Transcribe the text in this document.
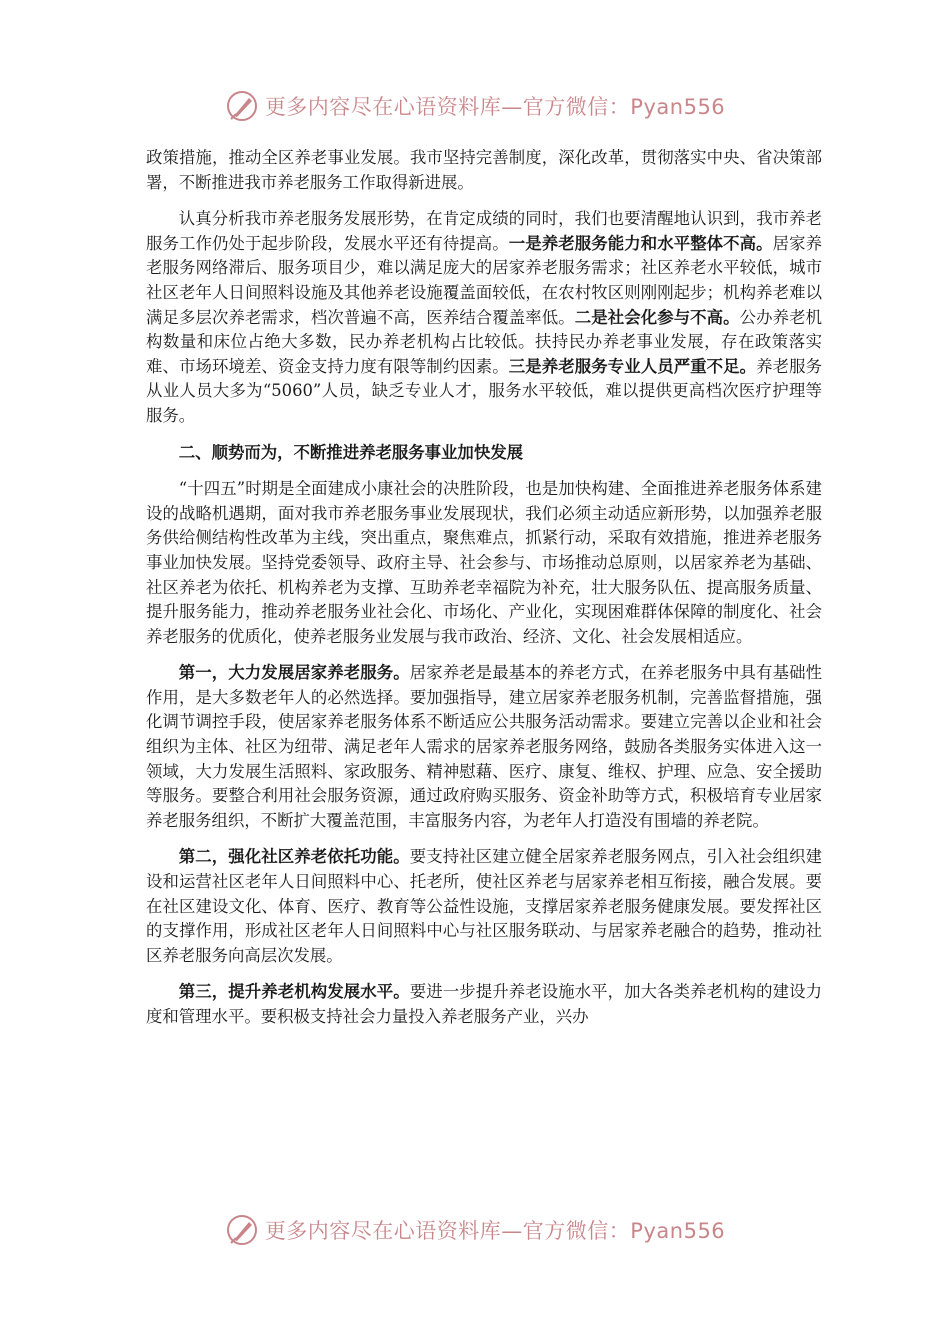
更多内容尽在心语资料库—官方微信：Pyan556

政策措施，推动全区养老事业发展。我市坚持完善制度，深化改革，贯彻落实中央、省决策部署，不断推进我市养老服务工作取得新进展。

认真分析我市养老服务发展形势，在肯定成绩的同时，我们也要清醒地认识到，我市养老服务工作仍处于起步阶段，发展水平还有待提高。一是养老服务能力和水平整体不高。居家养老服务网络滞后、服务项目少，难以满足庞大的居家养老服务需求；社区养老水平较低，城市社区老年人日间照料设施及其他养老设施覆盖面较低，在农村牧区则刚刚起步；机构养老难以满足多层次养老需求，档次普遍不高，医养结合覆盖率低。二是社会化参与不高。公办养老机构数量和床位占绝大多数，民办养老机构占比较低。扶持民办养老事业发展，存在政策落实难、市场环境差、资金支持力度有限等制约因素。三是养老服务专业人员严重不足。养老服务从业人员大多为“5060”人员，缺乏专业人才，服务水平较低，难以提供更高档次医疗护理等服务。

二、顺势而为，不断推进养老服务事业加快发展

“十四五”时期是全面建成小康社会的决胜阶段，也是加快构建、全面推进养老服务体系建设的战略机遇期，面对我市养老服务事业发展现状，我们必须主动适应新形势，以加强养老服务供给侧结构性改革为主线，突出重点，聚焦难点，抓紧行动，采取有效措施，推进养老服务事业加快发展。坚持党委领导、政府主导、社会参与、市场推动总原则，以居家养老为基础、社区养老为依托、机构养老为支撑、互助养老幸福院为补充，壮大服务队伍、提高服务质量、提升服务能力，推动养老服务业社会化、市场化、产业化，实现困难群体保障的制度化、社会养老服务的优质化，使养老服务业发展与我市政治、经济、文化、社会发展相适应。

第一，大力发展居家养老服务。居家养老是最基本的养老方式，在养老服务中具有基础性作用，是大多数老年人的必然选择。要加强指导，建立居家养老服务机制，完善监督措施，强化调节调控手段，使居家养老服务体系不断适应公共服务活动需求。要建立完善以企业和社会组织为主体、社区为纽带、满足老年人需求的居家养老服务网络，鼓励各类服务实体进入这一领域，大力发展生活照料、家政服务、精神慰藉、医疗、康复、维权、护理、应急、安全援助等服务。要整合利用社会服务资源，通过政府购买服务、资金补助等方式，积极培育专业居家养老服务组织，不断扩大覆盖范围，丰富服务内容，为老年人打造没有围墙的养老院。

第二，强化社区养老依托功能。要支持社区建立健全居家养老服务网点，引入社会组织建设和运营社区老年人日间照料中心、托老所，使社区养老与居家养老相互衔接，融合发展。要在社区建设文化、体育、医疗、教育等公益性设施，支撑居家养老服务健康发展。要发挥社区的支撑作用，形成社区老年人日间照料中心与社区服务联动、与居家养老融合的趋势，推动社区养老服务向高层次发展。

第三，提升养老机构发展水平。要进一步提升养老设施水平，加大各类养老机构的建设力度和管理水平。要积极支持社会力量投入养老服务产业，兴办

更多内容尽在心语资料库—官方微信：Pyan556
